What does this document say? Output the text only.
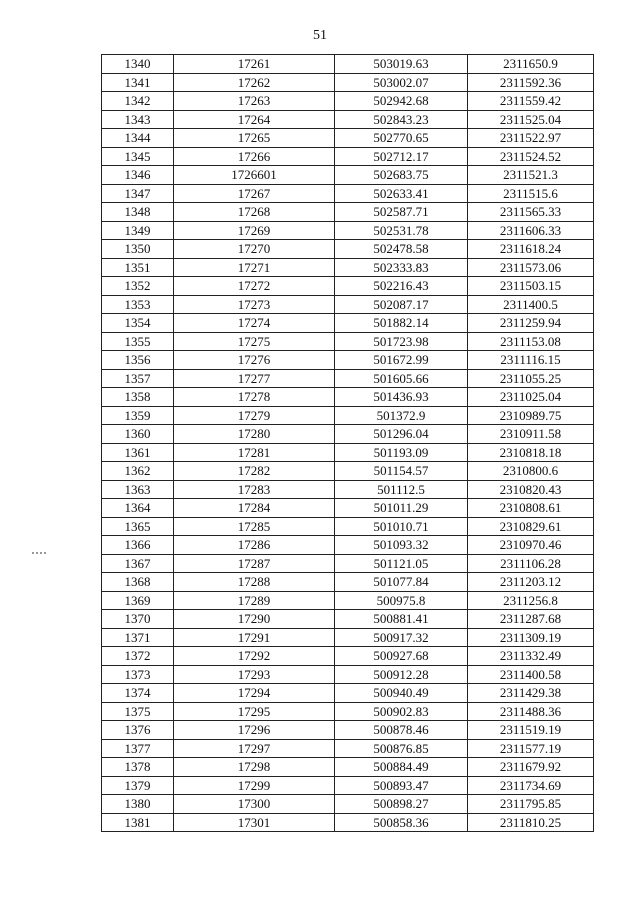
51
1340	17261	503019.63	2311650.9
1341	17262	503002.07	2311592.36
1342	17263	502942.68	2311559.42
1343	17264	502843.23	2311525.04
1344	17265	502770.65	2311522.97
1345	17266	502712.17	2311524.52
1346	1726601	502683.75	2311521.3
1347	17267	502633.41	2311515.6
1348	17268	502587.71	2311565.33
1349	17269	502531.78	2311606.33
1350	17270	502478.58	2311618.24
1351	17271	502333.83	2311573.06
1352	17272	502216.43	2311503.15
1353	17273	502087.17	2311400.5
1354	17274	501882.14	2311259.94
1355	17275	501723.98	2311153.08
1356	17276	501672.99	2311116.15
1357	17277	501605.66	2311055.25
1358	17278	501436.93	2311025.04
1359	17279	501372.9	2310989.75
1360	17280	501296.04	2310911.58
1361	17281	501193.09	2310818.18
1362	17282	501154.57	2310800.6
1363	17283	501112.5	2310820.43
1364	17284	501011.29	2310808.61
1365	17285	501010.71	2310829.61
1366	17286	501093.32	2310970.46
1367	17287	501121.05	2311106.28
1368	17288	501077.84	2311203.12
1369	17289	500975.8	2311256.8
1370	17290	500881.41	2311287.68
1371	17291	500917.32	2311309.19
1372	17292	500927.68	2311332.49
1373	17293	500912.28	2311400.58
1374	17294	500940.49	2311429.38
1375	17295	500902.83	2311488.36
1376	17296	500878.46	2311519.19
1377	17297	500876.85	2311577.19
1378	17298	500884.49	2311679.92
1379	17299	500893.47	2311734.69
1380	17300	500898.27	2311795.85
1381	17301	500858.36	2311810.25
